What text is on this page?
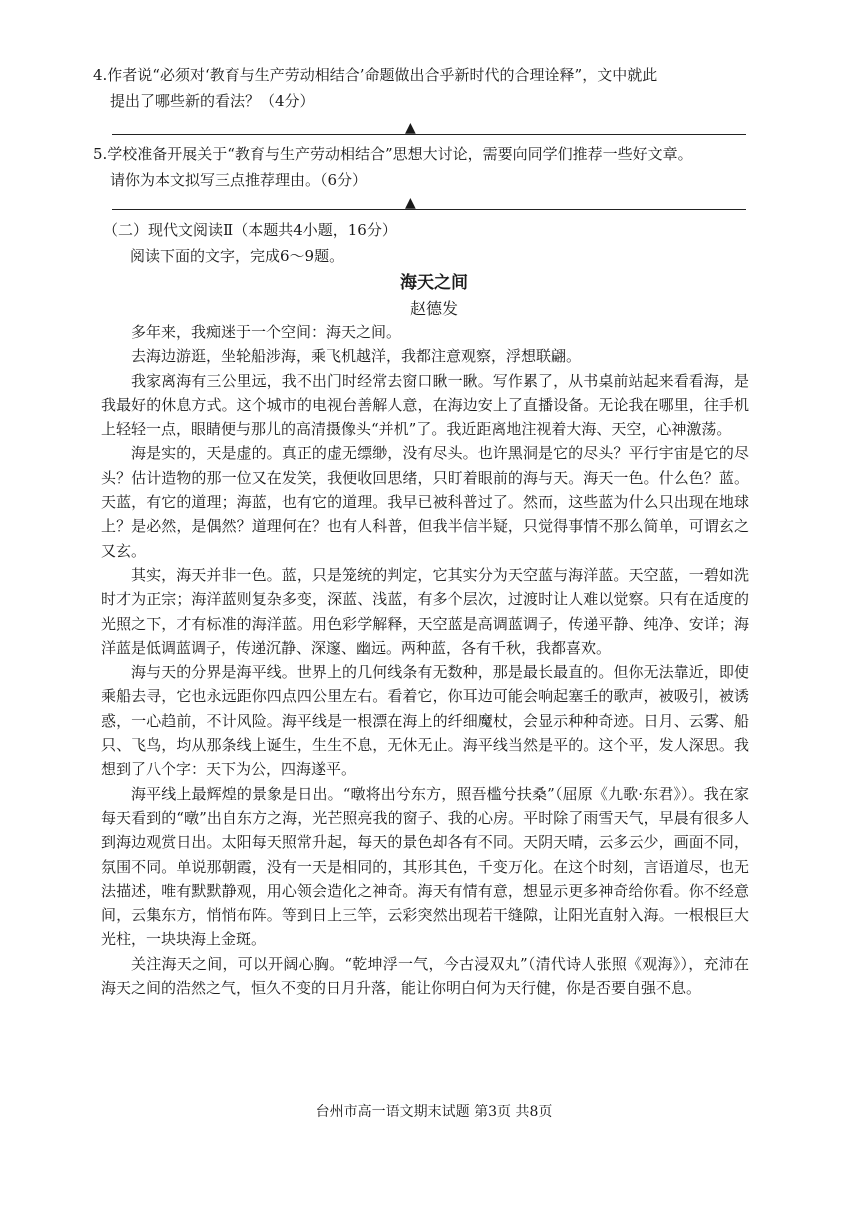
4.作者说“必须对‘教育与生产劳动相结合’命题做出合乎新时代的合理诠释”，文中就此
提出了哪些新的看法？（4分）
▲
5.学校准备开展关于“教育与生产劳动相结合”思想大讨论，需要向同学们推荐一些好文章。
请你为本文拟写三点推荐理由。（6分）
▲
（二）现代文阅读Ⅱ（本题共4小题，16分）
阅读下面的文字，完成6～9题。
海天之间
赵德发

多年来，我痴迷于一个空间：海天之间。

去海边游逛，坐轮船涉海，乘飞机越洋，我都注意观察，浮想联翩。

我家离海有三公里远，我不出门时经常去窗口瞅一瞅。写作累了，从书桌前站起来看看海，是我最好的休息方式。这个城市的电视台善解人意，在海边安上了直播设备。无论我在哪里，往手机上轻轻一点，眼睛便与那儿的高清摄像头“并机”了。我近距离地注视着大海、天空，心神激荡。

海是实的，天是虚的。真正的虚无缥缈，没有尽头。也许黑洞是它的尽头？平行宇宙是它的尽头？估计造物的那一位又在发笑，我便收回思绪，只盯着眼前的海与天。海天一色。什么色？蓝。天蓝，有它的道理；海蓝，也有它的道理。我早已被科普过了。然而，这些蓝为什么只出现在地球上？是必然，是偶然？道理何在？也有人科普，但我半信半疑，只觉得事情不那么简单，可谓玄之又玄。

其实，海天并非一色。蓝，只是笼统的判定，它其实分为天空蓝与海洋蓝。天空蓝，一碧如洗时才为正宗；海洋蓝则复杂多变，深蓝、浅蓝，有多个层次，过渡时让人难以觉察。只有在适度的光照之下，才有标准的海洋蓝。用色彩学解释，天空蓝是高调蓝调子，传递平静、纯净、安详；海洋蓝是低调蓝调子，传递沉静、深邃、幽远。两种蓝，各有千秋，我都喜欢。

海与天的分界是海平线。世界上的几何线条有无数种，那是最长最直的。但你无法靠近，即使乘船去寻，它也永远距你四点四公里左右。看着它，你耳边可能会响起塞壬的歌声，被吸引，被诱惑，一心趋前，不计风险。海平线是一根漂在海上的纤细魔杖，会显示种种奇迹。日月、云雾、船只、飞鸟，均从那条线上诞生，生生不息，无休无止。海平线当然是平的。这个平，发人深思。我想到了八个字：天下为公，四海遂平。

海平线上最辉煌的景象是日出。“暾将出兮东方，照吾槛兮扶桑”（屈原《九歌·东君》）。我在家每天看到的“暾”出自东方之海，光芒照亮我的窗子、我的心房。平时除了雨雪天气，早晨有很多人到海边观赏日出。太阳每天照常升起，每天的景色却各有不同。天阴天晴，云多云少，画面不同，氛围不同。单说那朝霞，没有一天是相同的，其形其色，千变万化。在这个时刻，言语道尽，也无法描述，唯有默默静观，用心领会造化之神奇。海天有情有意，想显示更多神奇给你看。你不经意间，云集东方，悄悄布阵。等到日上三竿，云彩突然出现若干缝隙，让阳光直射入海。一根根巨大光柱，一块块海上金斑。

关注海天之间，可以开阔心胸。“乾坤浮一气，今古浸双丸”（清代诗人张照《观海》），充沛在海天之间的浩然之气，恒久不变的日月升落，能让你明白何为天行健，你是否要自强不息。

台州市高一语文期末试题 第3页 共8页
